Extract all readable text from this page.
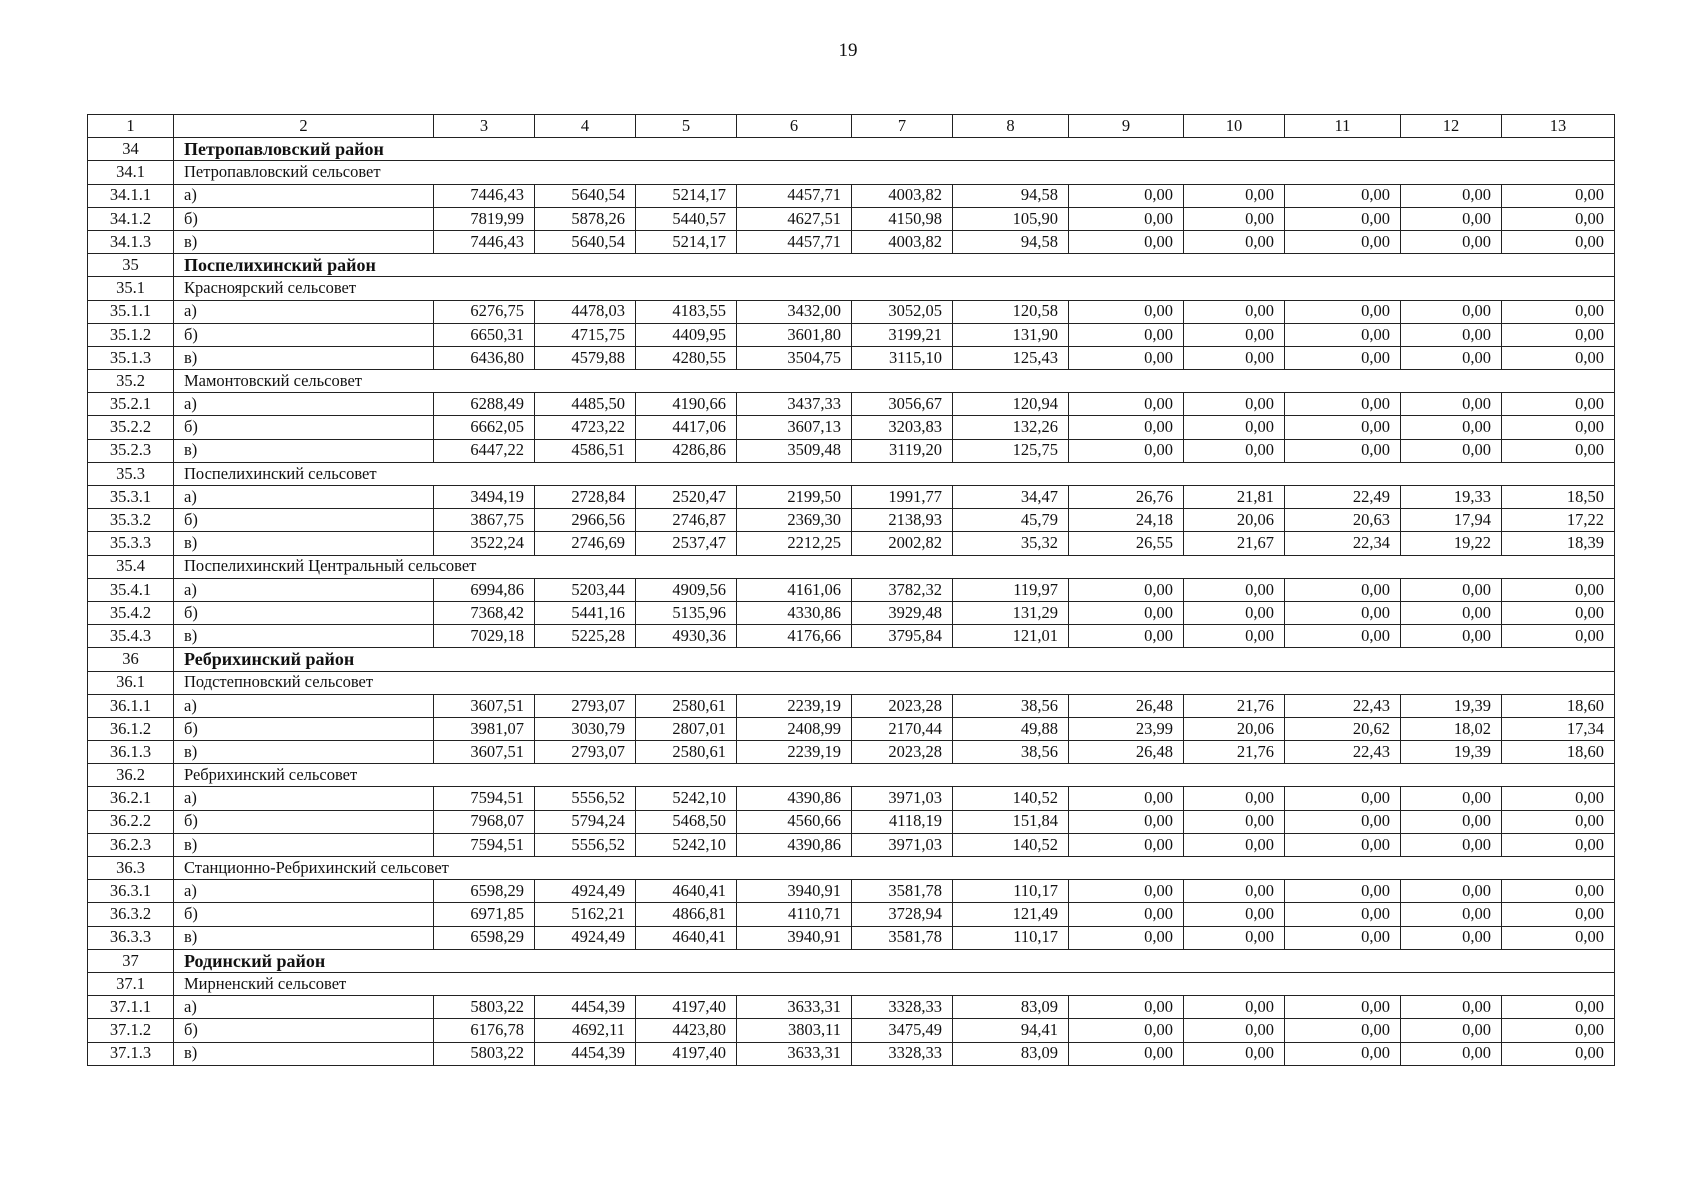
19
1	2	3	4	5	6	7	8	9	10	11	12	13
34	Петропавловский район											
34.1	Петропавловский сельсовет											
34.1.1	а)	7446,43	5640,54	5214,17	4457,71	4003,82	94,58	0,00	0,00	0,00	0,00	0,00
34.1.2	б)	7819,99	5878,26	5440,57	4627,51	4150,98	105,90	0,00	0,00	0,00	0,00	0,00
34.1.3	в)	7446,43	5640,54	5214,17	4457,71	4003,82	94,58	0,00	0,00	0,00	0,00	0,00
35	Поспелихинский район											
35.1	Красноярский сельсовет											
35.1.1	а)	6276,75	4478,03	4183,55	3432,00	3052,05	120,58	0,00	0,00	0,00	0,00	0,00
35.1.2	б)	6650,31	4715,75	4409,95	3601,80	3199,21	131,90	0,00	0,00	0,00	0,00	0,00
35.1.3	в)	6436,80	4579,88	4280,55	3504,75	3115,10	125,43	0,00	0,00	0,00	0,00	0,00
35.2	Мамонтовский сельсовет											
35.2.1	а)	6288,49	4485,50	4190,66	3437,33	3056,67	120,94	0,00	0,00	0,00	0,00	0,00
35.2.2	б)	6662,05	4723,22	4417,06	3607,13	3203,83	132,26	0,00	0,00	0,00	0,00	0,00
35.2.3	в)	6447,22	4586,51	4286,86	3509,48	3119,20	125,75	0,00	0,00	0,00	0,00	0,00
35.3	Поспелихинский сельсовет											
35.3.1	а)	3494,19	2728,84	2520,47	2199,50	1991,77	34,47	26,76	21,81	22,49	19,33	18,50
35.3.2	б)	3867,75	2966,56	2746,87	2369,30	2138,93	45,79	24,18	20,06	20,63	17,94	17,22
35.3.3	в)	3522,24	2746,69	2537,47	2212,25	2002,82	35,32	26,55	21,67	22,34	19,22	18,39
35.4	Поспелихинский Центральный сельсовет											
35.4.1	а)	6994,86	5203,44	4909,56	4161,06	3782,32	119,97	0,00	0,00	0,00	0,00	0,00
35.4.2	б)	7368,42	5441,16	5135,96	4330,86	3929,48	131,29	0,00	0,00	0,00	0,00	0,00
35.4.3	в)	7029,18	5225,28	4930,36	4176,66	3795,84	121,01	0,00	0,00	0,00	0,00	0,00
36	Ребрихинский район											
36.1	Подстепновский сельсовет											
36.1.1	а)	3607,51	2793,07	2580,61	2239,19	2023,28	38,56	26,48	21,76	22,43	19,39	18,60
36.1.2	б)	3981,07	3030,79	2807,01	2408,99	2170,44	49,88	23,99	20,06	20,62	18,02	17,34
36.1.3	в)	3607,51	2793,07	2580,61	2239,19	2023,28	38,56	26,48	21,76	22,43	19,39	18,60
36.2	Ребрихинский сельсовет											
36.2.1	а)	7594,51	5556,52	5242,10	4390,86	3971,03	140,52	0,00	0,00	0,00	0,00	0,00
36.2.2	б)	7968,07	5794,24	5468,50	4560,66	4118,19	151,84	0,00	0,00	0,00	0,00	0,00
36.2.3	в)	7594,51	5556,52	5242,10	4390,86	3971,03	140,52	0,00	0,00	0,00	0,00	0,00
36.3	Станционно-Ребрихинский сельсовет											
36.3.1	а)	6598,29	4924,49	4640,41	3940,91	3581,78	110,17	0,00	0,00	0,00	0,00	0,00
36.3.2	б)	6971,85	5162,21	4866,81	4110,71	3728,94	121,49	0,00	0,00	0,00	0,00	0,00
36.3.3	в)	6598,29	4924,49	4640,41	3940,91	3581,78	110,17	0,00	0,00	0,00	0,00	0,00
37	Родинский район											
37.1	Мирненский сельсовет											
37.1.1	а)	5803,22	4454,39	4197,40	3633,31	3328,33	83,09	0,00	0,00	0,00	0,00	0,00
37.1.2	б)	6176,78	4692,11	4423,80	3803,11	3475,49	94,41	0,00	0,00	0,00	0,00	0,00
37.1.3	в)	5803,22	4454,39	4197,40	3633,31	3328,33	83,09	0,00	0,00	0,00	0,00	0,00
